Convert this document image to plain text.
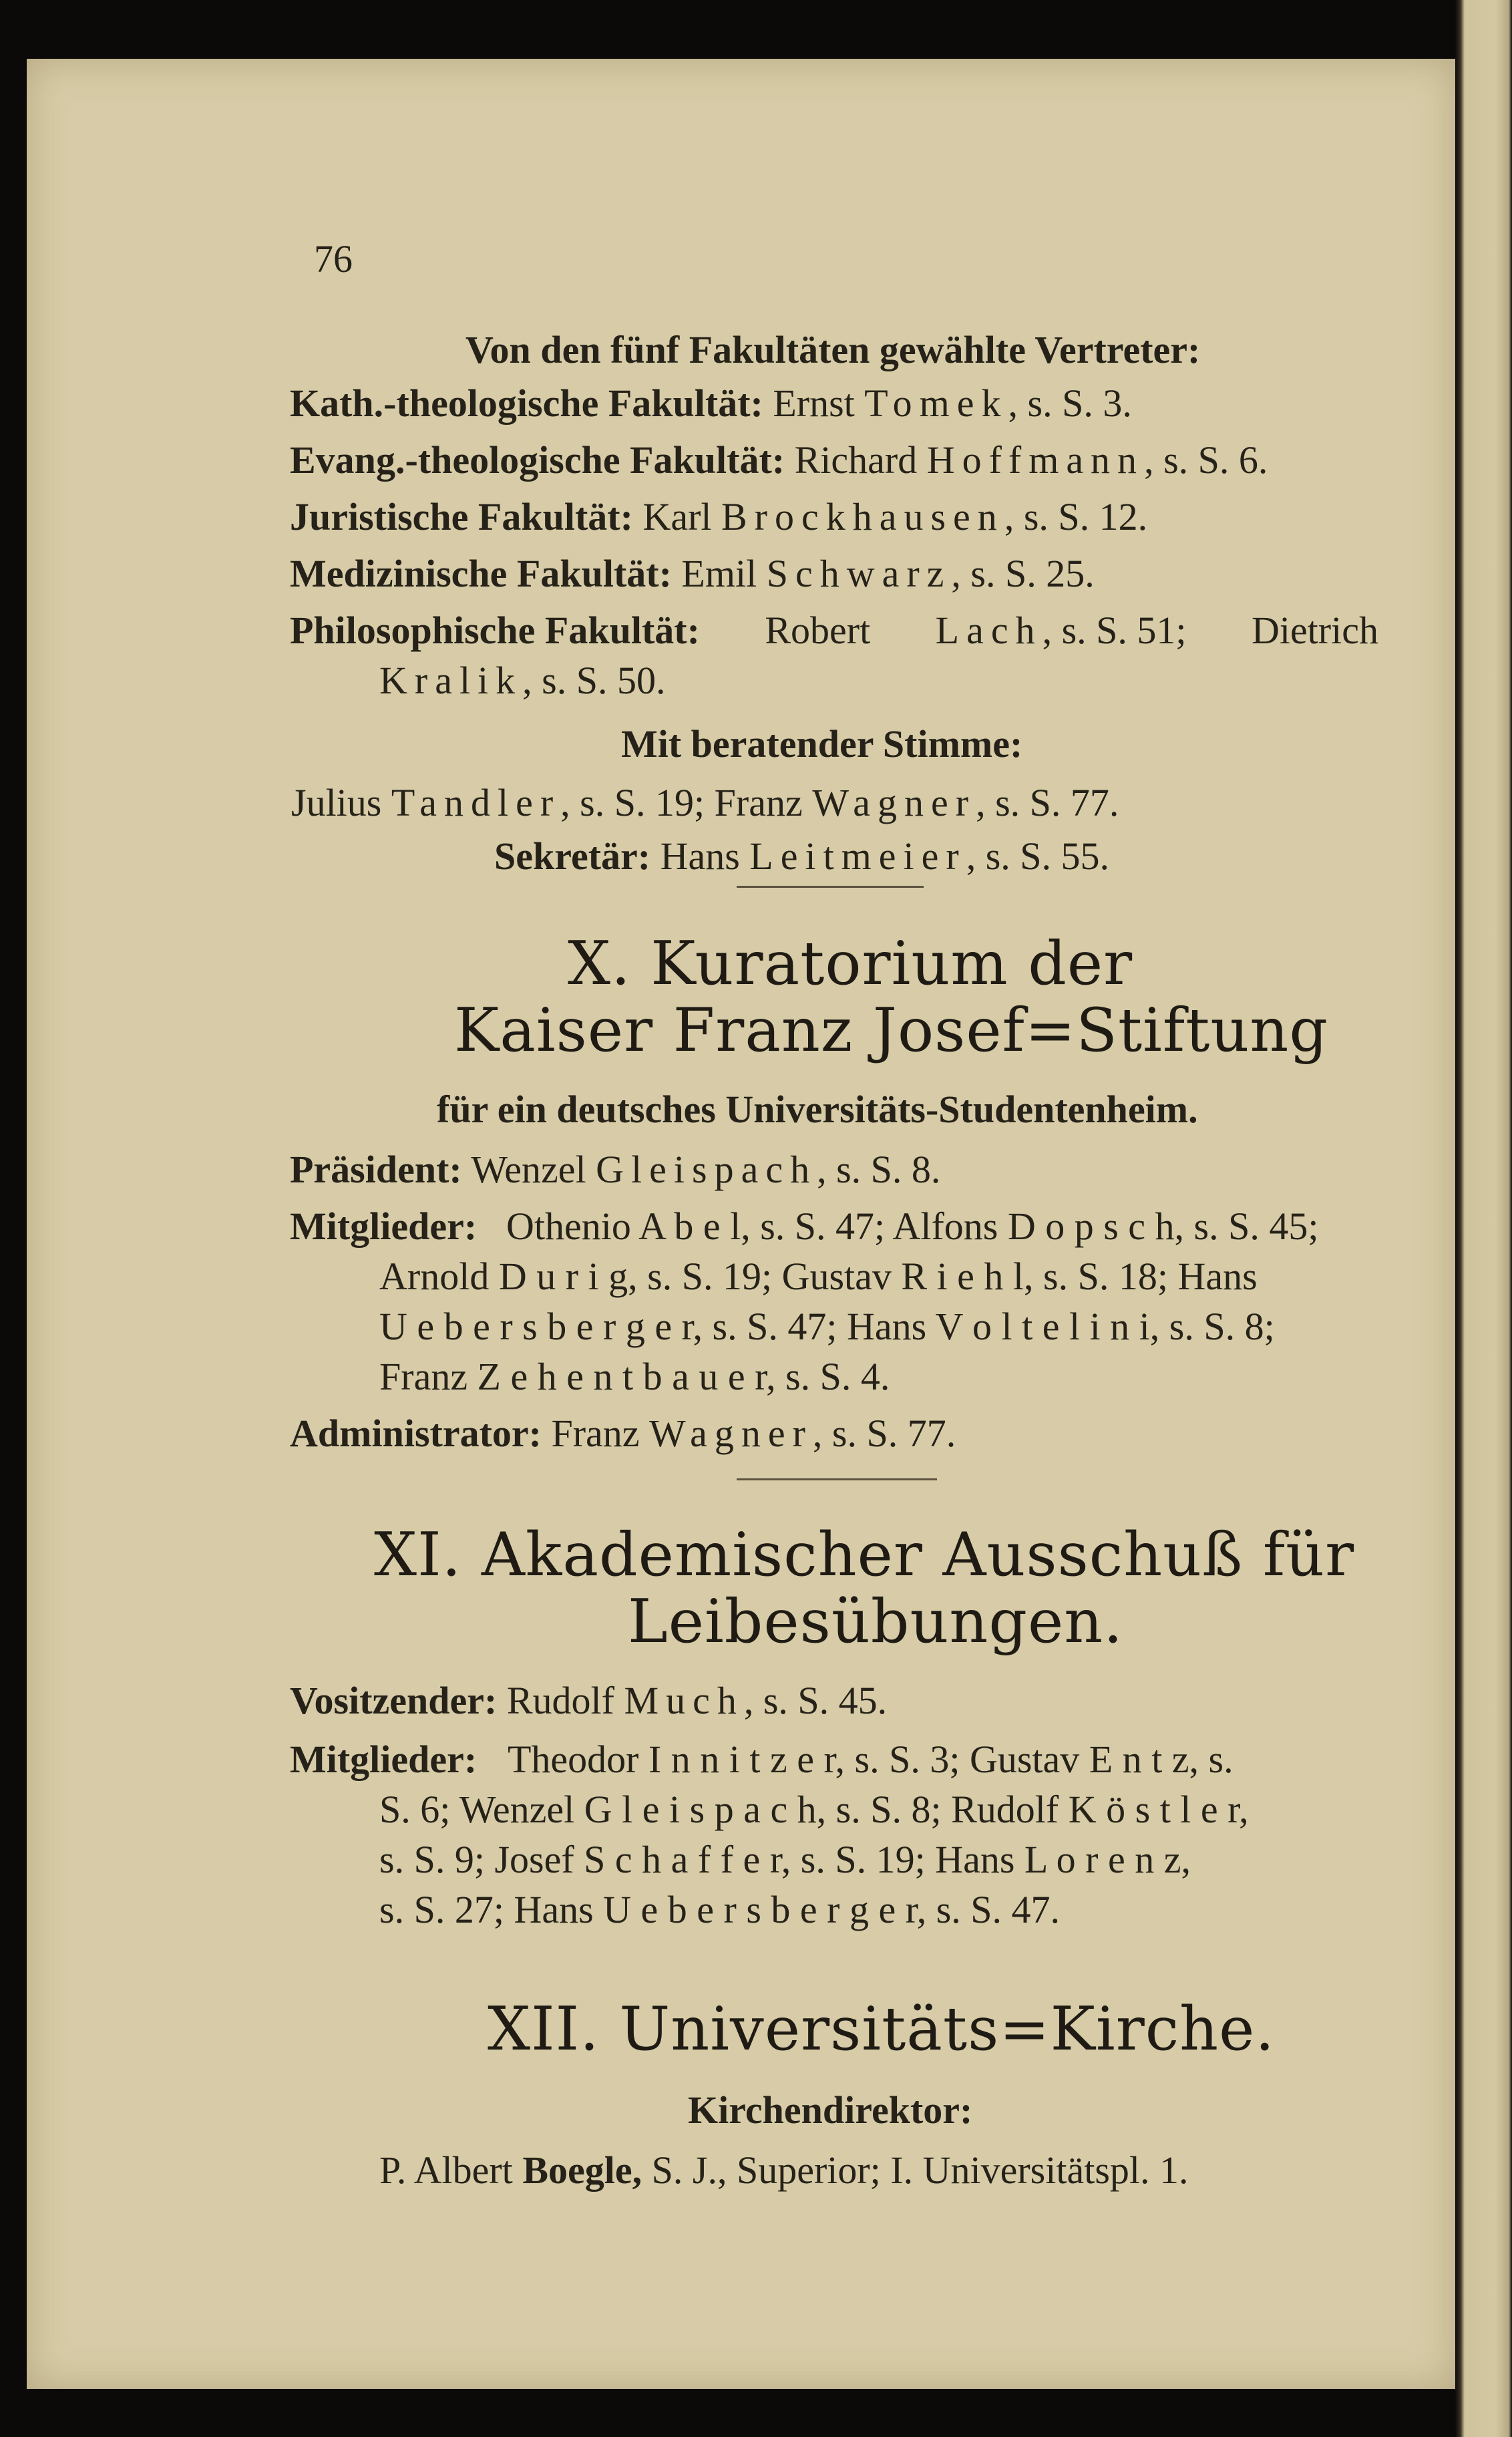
76
Von den fünf Fakultäten gewählte Vertreter:
Kath.-theologische Fakultät: Ernst Tomek, s. S. 3.
Evang.-theologische Fakultät: Richard Hoffmann, s. S. 6.
Juristische Fakultät: Karl Brockhausen, s. S. 12.
Medizinische Fakultät: Emil Schwarz, s. S. 25.
Philosophische Fakultät: Robert Lach, s. S. 51; Dietrich
Kralik, s. S. 50.
Mit beratender Stimme:
Julius Tandler, s. S. 19; Franz Wagner, s. S. 77.
Sekretär: Hans Leitmeier, s. S. 55.
X. Kuratorium der
Kaiser Franz Josef=Stiftung
für ein deutsches Universitäts-Studentenheim.
Präsident: Wenzel Gleispach, s. S. 8.
Mitglieder: Othenio A b e l, s. S. 47; Alfons D o p s c h, s. S. 45;
Arnold D u r i g, s. S. 19; Gustav R i e h l, s. S. 18; Hans
U e b e r s b e r g e r, s. S. 47; Hans V o l t e l i n i, s. S. 8;
Franz Z e h e n t b a u e r, s. S. 4.
Administrator: Franz Wagner, s. S. 77.
XI. Akademischer Ausschuß für
Leibesübungen.
Vositzender: Rudolf Much, s. S. 45.
Mitglieder: Theodor I n n i t z e r, s. S. 3; Gustav E n t z, s.
S. 6; Wenzel G l e i s p a c h, s. S. 8; Rudolf K ö s t l e r,
s. S. 9; Josef S c h a f f e r, s. S. 19; Hans L o r e n z,
s. S. 27; Hans U e b e r s b e r g e r, s. S. 47.
XII. Universitäts=Kirche.
Kirchendirektor:
P. Albert Boegle, S. J., Superior; I. Universitätspl. 1.
